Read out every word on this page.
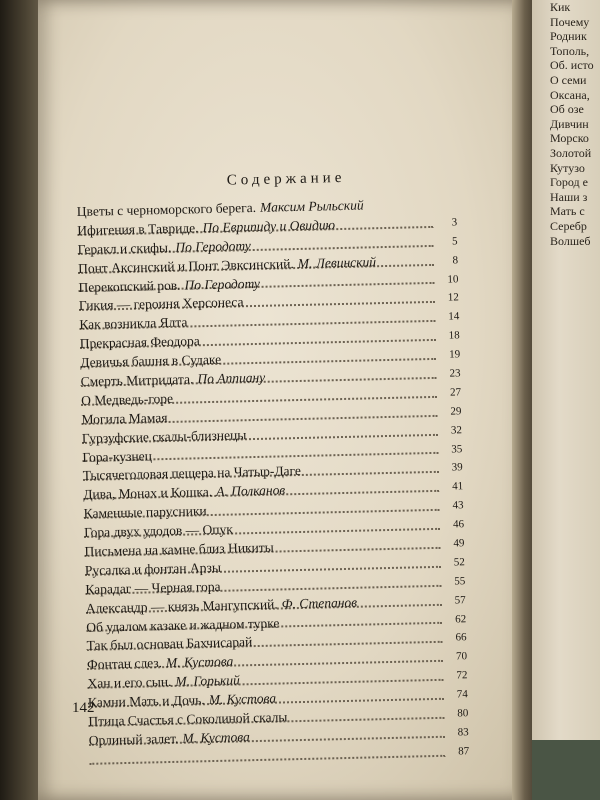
Содержание
Цветы с черноморского берега. Максим Рыльский
Ифигения в Тавриде. По Еврипиду и Овидию	3
Геракл и скифы. По Геродоту	5
Понт Аксинский и Понт Эвксинский. М. Левинский	8
Перекопский ров. По Геродоту	10
Гикия — героиня Херсонеса	12
Как возникла Ялта	14
Прекрасная Феодора	18
Девичья башня в Судаке	19
Смерть Митридата. По Аппиану	23
О Медведь-горе	27
Могила Мамая	29
Гурзуфские скалы-близнецы	32
Гора-кузнец	35
Тысячеголовая пещера на Чатыр-Даге	39
Дива, Монах и Кошка. А. Полканов	41
Каменные парусники	43
Гора двух удодов — Опук	46
Письмена на камне близ Никиты	49
Русалка и фонтан Арзы	52
Карадаг — Черная гора	55
Александр — князь Мангупский. Ф. Степанов	57
Об удалом казаке и жадном турке	62
Так был основан Бахчисарай	66
Фонтан слез. М. Кустова	70
Хан и его сын. М. Горький	72
Камни Мать и Дочь. М. Кустова	74
Птица Счастья с Соколиной скалы	80
Орлиный залет. М. Кустова	83
87
142
Кик
Почему
Родник
Тополь,
Об. исто
О семи
Оксана,
Об озе
Дивчин
Морско
Золотой
Кутузо
Город е
Наши з
Мать с
Серебр
Волшеб
